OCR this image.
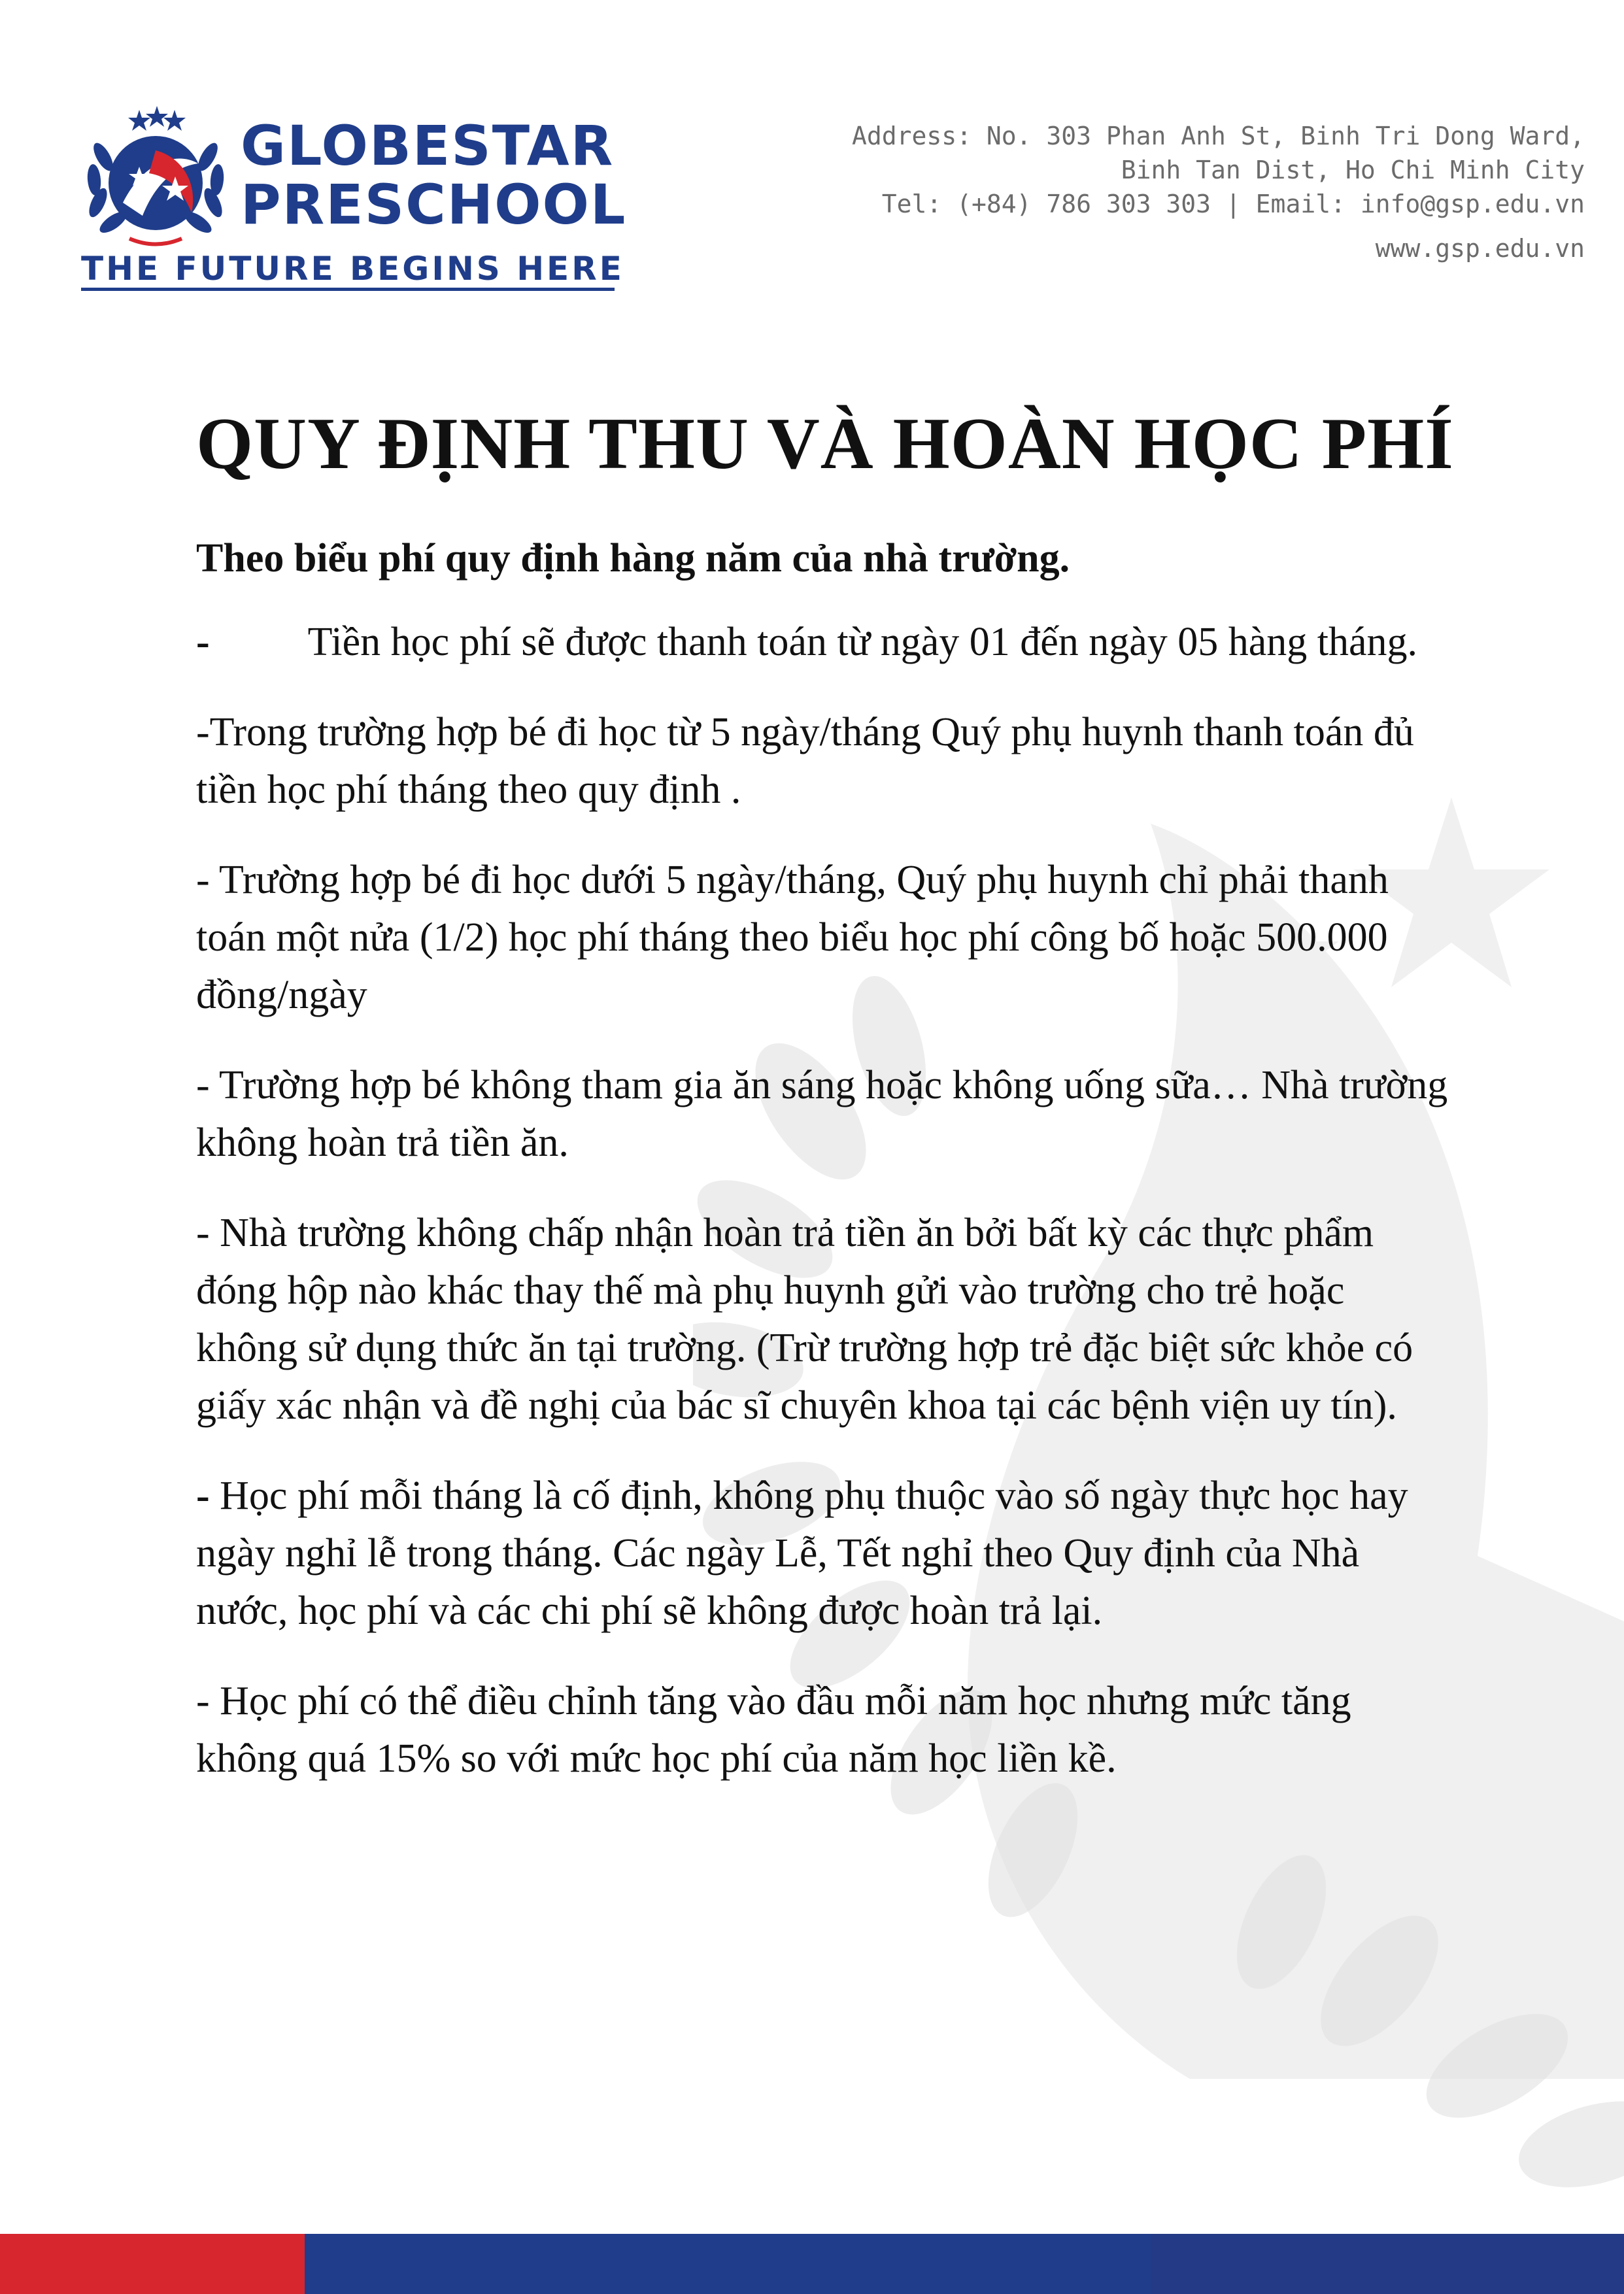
GLOBESTAR
PRESCHOOL
THE FUTURE BEGINS HERE
Address: No. 303 Phan Anh St, Binh Tri Dong Ward,
Binh Tan Dist, Ho Chi Minh City
Tel: (+84) 786 303 303 | Email: info@gsp.edu.vn
www.gsp.edu.vn
QUY ĐỊNH THU VÀ HOÀN HỌC PHÍ

Theo biểu phí quy định hàng năm của nhà trường.

- Tiền học phí sẽ được thanh toán từ ngày 01 đến ngày 05 hàng tháng.

-Trong trường hợp bé đi học từ 5 ngày/tháng Quý phụ huynh thanh toán đủ tiền học phí tháng theo quy định .

- Trường hợp bé đi học dưới 5 ngày/tháng, Quý phụ huynh chỉ phải thanh toán một nửa (1/2) học phí tháng theo biểu học phí công bố hoặc 500.000 đồng/ngày

- Trường hợp bé không tham gia ăn sáng hoặc không uống sữa… Nhà trường không hoàn trả tiền ăn.

- Nhà trường không chấp nhận hoàn trả tiền ăn bởi bất kỳ các thực phẩm đóng hộp nào khác thay thế mà phụ huynh gửi vào trường cho trẻ hoặc không sử dụng thức ăn tại trường. (Trừ trường hợp trẻ đặc biệt sức khỏe có giấy xác nhận và đề nghị của bác sĩ chuyên khoa tại các bệnh viện uy tín).

- Học phí mỗi tháng là cố định, không phụ thuộc vào số ngày thực học hay ngày nghỉ lễ trong tháng. Các ngày Lễ, Tết nghỉ theo Quy định của Nhà nước, học phí và các chi phí sẽ không được hoàn trả lại.

- Học phí có thể điều chỉnh tăng vào đầu mỗi năm học nhưng mức tăng không quá 15% so với mức học phí của năm học liền kề.
